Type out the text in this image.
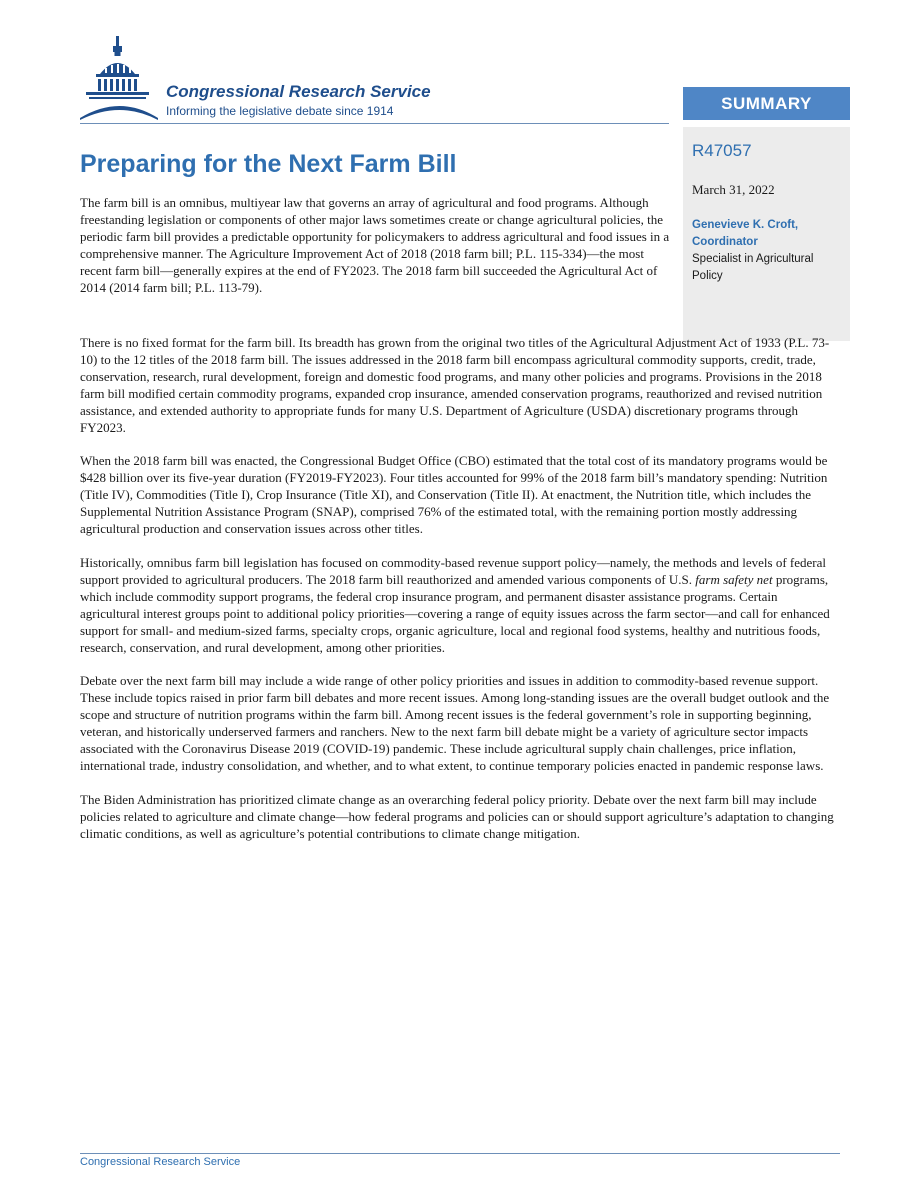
Congressional Research Service

Informing the legislative debate since 1914	SUMMARY

R47057

March 31, 2022

Genevieve K. Croft, Coordinator

Specialist in Agricultural Policy

Preparing for the Next Farm Bill

The farm bill is an omnibus, multiyear law that governs an array of agricultural and food programs. Although freestanding legislation or components of other major laws sometimes create or change agricultural policies, the periodic farm bill provides a predictable opportunity for policymakers to address agricultural and food issues in a comprehensive manner. The Agriculture Improvement Act of 2018 (2018 farm bill; P.L. 115-334)—the most recent farm bill—generally expires at the end of FY2023. The 2018 farm bill succeeded the Agricultural Act of 2014 (2014 farm bill; P.L. 113-79).

There is no fixed format for the farm bill. Its breadth has grown from the original two titles of the Agricultural Adjustment Act of 1933 (P.L. 73-10) to the 12 titles of the 2018 farm bill. The issues addressed in the 2018 farm bill encompass agricultural commodity supports, credit, trade, conservation, research, rural development, foreign and domestic food programs, and many other policies and programs. Provisions in the 2018 farm bill modified certain commodity programs, expanded crop insurance, amended conservation programs, reauthorized and revised nutrition assistance, and extended authority to appropriate funds for many U.S. Department of Agriculture (USDA) discretionary programs through FY2023.

When the 2018 farm bill was enacted, the Congressional Budget Office (CBO) estimated that the total cost of its mandatory programs would be $428 billion over its five-year duration (FY2019-FY2023). Four titles accounted for 99% of the 2018 farm bill’s mandatory spending: Nutrition (Title IV), Commodities (Title I), Crop Insurance (Title XI), and Conservation (Title II). At enactment, the Nutrition title, which includes the Supplemental Nutrition Assistance Program (SNAP), comprised 76% of the estimated total, with the remaining portion mostly addressing agricultural production and conservation issues across other titles.

Historically, omnibus farm bill legislation has focused on commodity-based revenue support policy—namely, the methods and levels of federal support provided to agricultural producers. The 2018 farm bill reauthorized and amended various components of U.S. farm safety net programs, which include commodity support programs, the federal crop insurance program, and permanent disaster assistance programs. Certain agricultural interest groups point to additional policy priorities—covering a range of equity issues across the farm sector—and call for enhanced support for small- and medium-sized farms, specialty crops, organic agriculture, local and regional food systems, healthy and nutritious foods, research, conservation, and rural development, among other priorities.

Debate over the next farm bill may include a wide range of other policy priorities and issues in addition to commodity-based revenue support. These include topics raised in prior farm bill debates and more recent issues. Among long-standing issues are the overall budget outlook and the scope and structure of nutrition programs within the farm bill. Among recent issues is the federal government’s role in supporting beginning, veteran, and historically underserved farmers and ranchers. New to the next farm bill debate might be a variety of agriculture sector impacts associated with the Coronavirus Disease 2019 (COVID-19) pandemic. These include agricultural supply chain challenges, price inflation, international trade, industry consolidation, and whether, and to what extent, to continue temporary policies enacted in pandemic response laws.

The Biden Administration has prioritized climate change as an overarching federal policy priority. Debate over the next farm bill may include policies related to agriculture and climate change—how federal programs and policies can or should support agriculture’s adaptation to changing climatic conditions, as well as agriculture’s potential contributions to climate change mitigation.

Congressional Research Service
